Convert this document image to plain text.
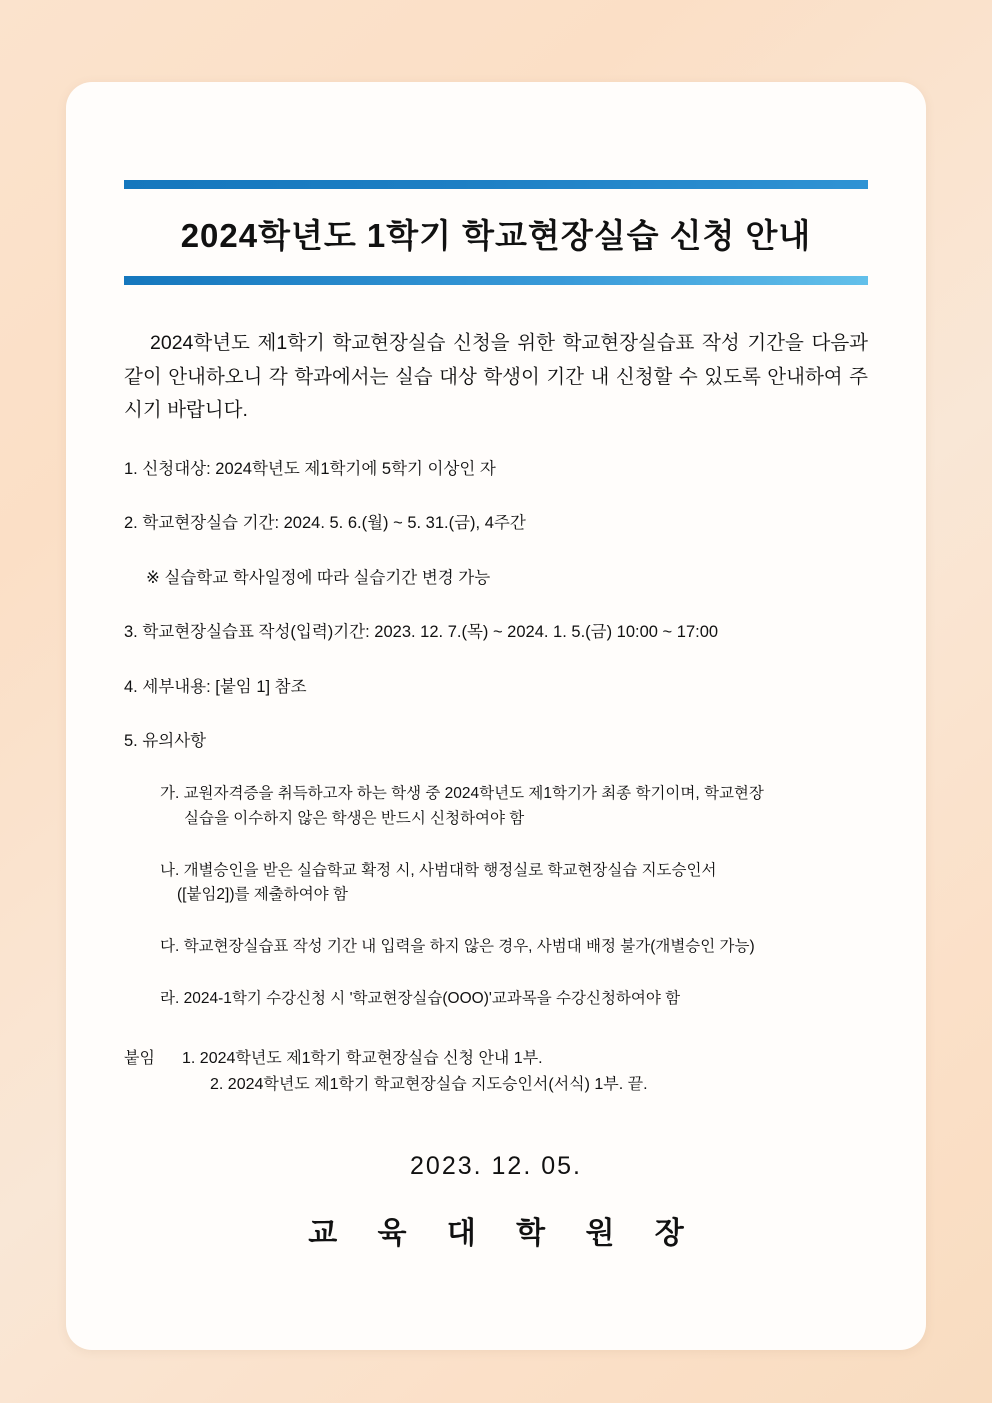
2024학년도 1학기 학교현장실습 신청 안내

2024학년도 제1학기 학교현장실습 신청을 위한 학교현장실습표 작성 기간을 다음과 같이 안내하오니 각 학과에서는 실습 대상 학생이 기간 내 신청할 수 있도록 안내하여 주시기 바랍니다.

1. 신청대상: 2024학년도 제1학기에 5학기 이상인 자
2. 학교현장실습 기간: 2024. 5. 6.(월) ~ 5. 31.(금), 4주간
※ 실습학교 학사일정에 따라 실습기간 변경 가능
3. 학교현장실습표 작성(입력)기간: 2023. 12. 7.(목) ~ 2024. 1. 5.(금) 10:00 ~ 17:00
4. 세부내용: [붙임 1] 참조
5. 유의사항
가. 교원자격증을 취득하고자 하는 학생 중 2024학년도 제1학기가 최종 학기이며, 학교현장
실습을 이수하지 않은 학생은 반드시 신청하여야 함
나. 개별승인을 받은 실습학교 확정 시, 사범대학 행정실로 학교현장실습 지도승인서
([붙임2])를 제출하여야 함
다. 학교현장실습표 작성 기간 내 입력을 하지 않은 경우, 사범대 배정 불가(개별승인 가능)
라. 2024-1학기 수강신청 시 '학교현장실습(OOO)'교과목을 수강신청하여야 함
붙임 1. 2024학년도 제1학기 학교현장실습 신청 안내 1부.
2. 2024학년도 제1학기 학교현장실습 지도승인서(서식) 1부. 끝.
2023. 12. 05.
교 육 대 학 원 장
